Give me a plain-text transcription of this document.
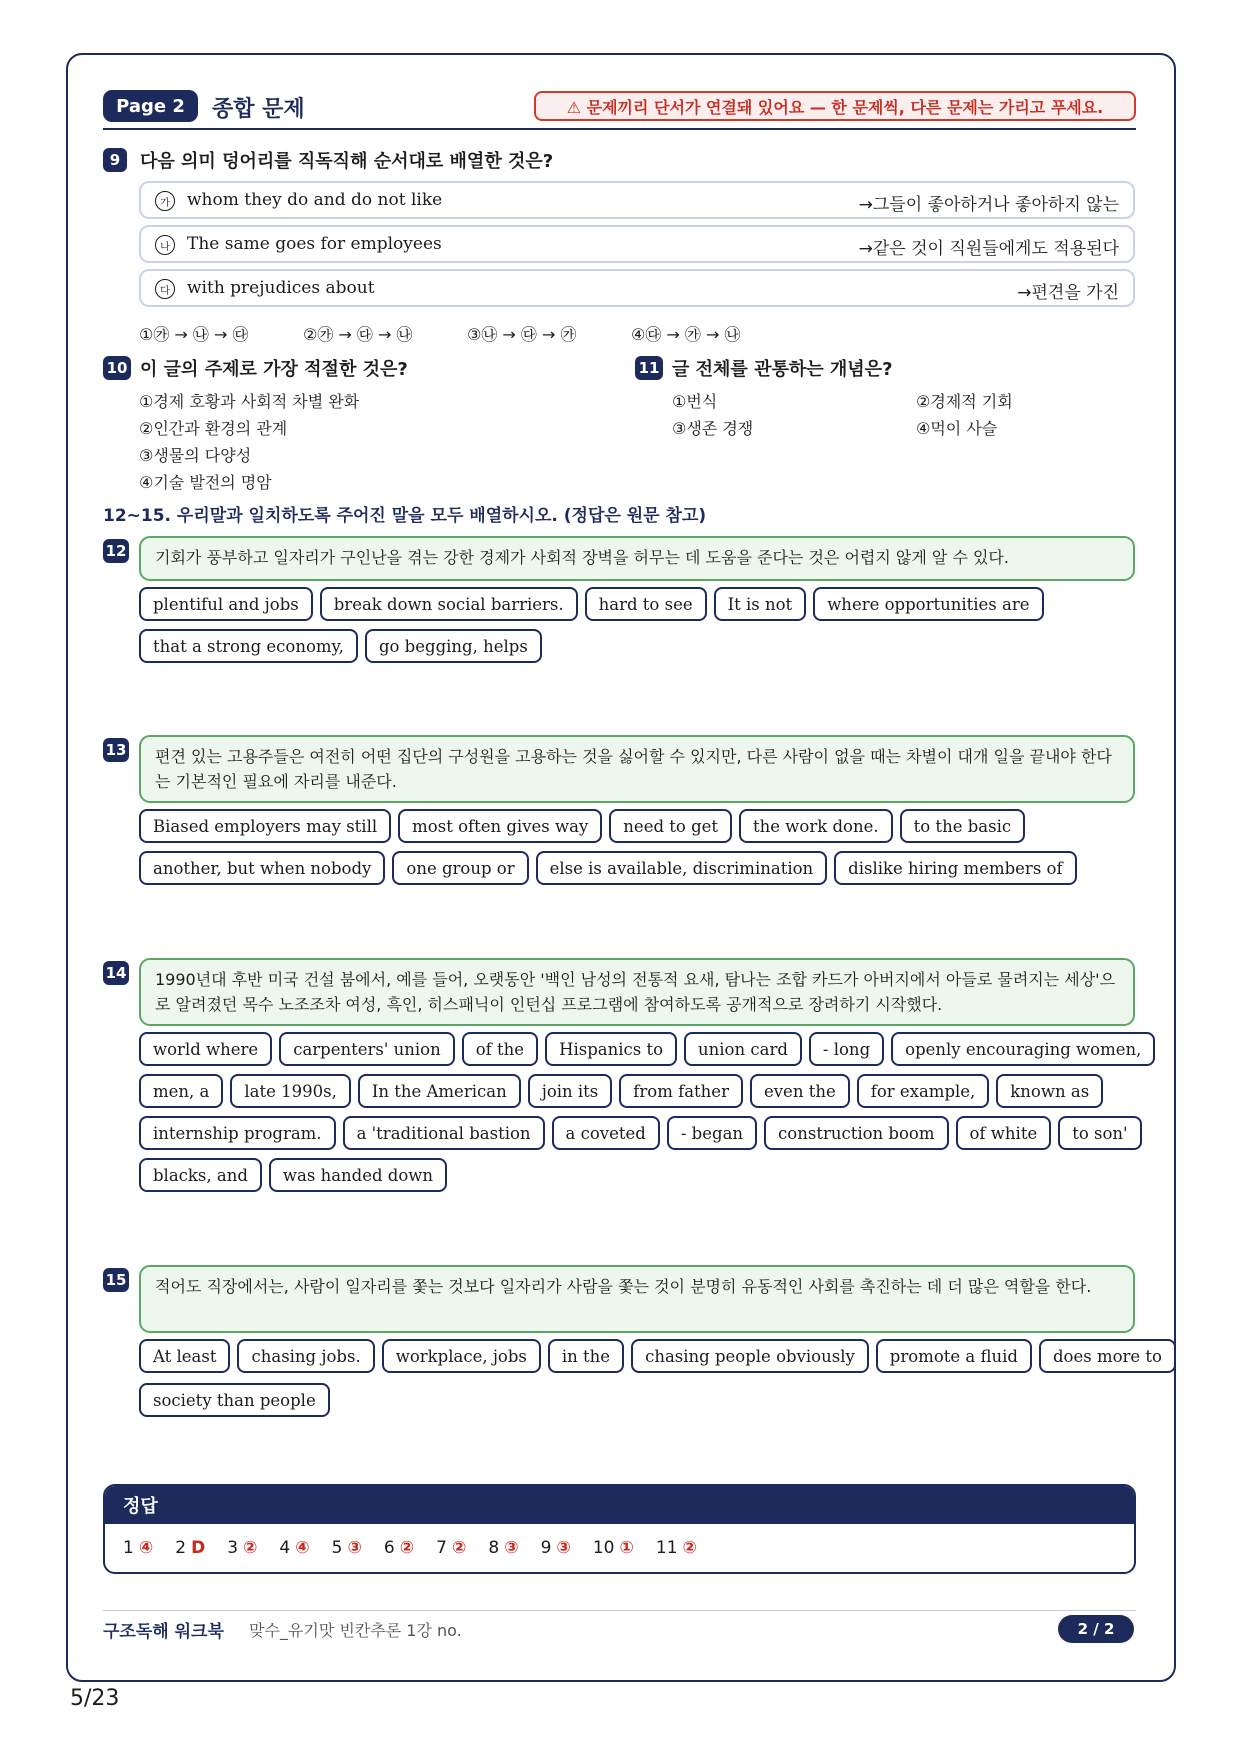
Page 2	종합 문제	⚠ 문제끼리 단서가 연결돼 있어요 — 한 문제씩, 다른 문제는 가리고 푸세요.
9	다음 의미 덩어리를 직독직해 순서대로 배열한 것은?
가	whom they do and do not like	→그들이 좋아하거나 좋아하지 않는
나	The same goes for employees	→같은 것이 직원들에게도 적용된다
다	with prejudices about	→편견을 가진
①㉮ → ㉯ → ㉰	②㉮ → ㉰ → ㉯	③㉯ → ㉰ → ㉮	④㉰ → ㉮ → ㉯
10 이 글의 주제로 가장 적절한 것은?
①경제 호황과 사회적 차별 완화
②인간과 환경의 관계
③생물의 다양성
④기술 발전의 명암
11 글 전체를 관통하는 개념은?
①번식	②경제적 기회
③생존 경쟁	④먹이 사슬
12~15. 우리말과 일치하도록 주어진 말을 모두 배열하시오. (정답은 원문 참고)
12	기회가 풍부하고 일자리가 구인난을 겪는 강한 경제가 사회적 장벽을 허무는 데 도움을 준다는 것은 어렵지 않게 알 수 있다.
plentiful and jobs	break down social barriers.	hard to see	It is not	where opportunities are
that a strong economy,	go begging, helps
13	편견 있는 고용주들은 여전히 어떤 집단의 구성원을 고용하는 것을 싫어할 수 있지만, 다른 사람이 없을 때는 차별이 대개 일을 끝내야 한다는 기본적인 필요에 자리를 내준다.
Biased employers may still	most often gives way	need to get	the work done.	to the basic
another, but when nobody	one group or	else is available, discrimination	dislike hiring members of
14	1990년대 후반 미국 건설 붐에서, 예를 들어, 오랫동안 '백인 남성의 전통적 요새, 탐나는 조합 카드가 아버지에서 아들로 물려지는 세상'으로 알려졌던 목수 노조조차 여성, 흑인, 히스패닉이 인턴십 프로그램에 참여하도록 공개적으로 장려하기 시작했다.
world where	carpenters' union	of the	Hispanics to	union card	- long	openly encouraging women,
men, a	late 1990s,	In the American	join its	from father	even the	for example,	known as
internship program.	a 'traditional bastion	a coveted	- began	construction boom	of white	to son'
blacks, and	was handed down
15	적어도 직장에서는, 사람이 일자리를 쫓는 것보다 일자리가 사람을 쫓는 것이 분명히 유동적인 사회를 촉진하는 데 더 많은 역할을 한다.
At least	chasing jobs.	workplace, jobs	in the	chasing people obviously	promote a fluid	does more to
society than people
정답
1 ④ 2 D 3 ② 4 ④ 5 ③ 6 ② 7 ② 8 ③ 9 ③ 10 ① 11 ②
구조독해 워크북 맞수_유기맛 빈칸추론 1강 no.	2 / 2
5/23
